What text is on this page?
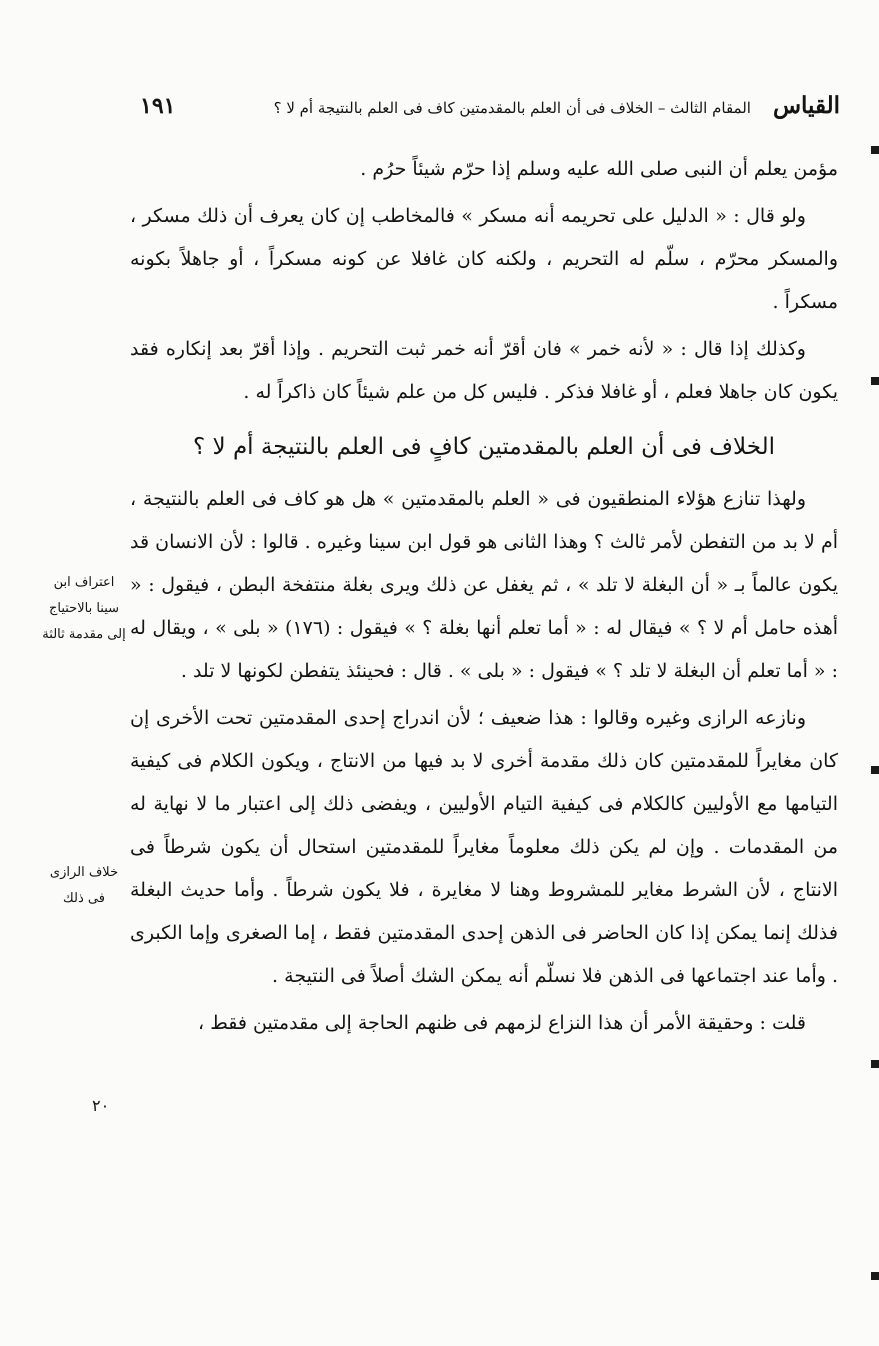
القياس
المقام الثالث – الخلاف فى أن العلم بالمقدمتين كاف فى العلم بالنتيجة أم لا ؟
١٩١

مؤمن يعلم أن النبى صلى الله عليه وسلم إذا حرّم شيئاً حرُم .

ولو قال : « الدليل على تحريمه أنه مسكر » فالمخاطب إن كان يعرف أن ذلك مسكر ، والمسكر محرّم ، سلّم له التحريم ، ولكنه كان غافلا عن كونه مسكراً ، أو جاهلاً بكونه مسكراً .

وكذلك إذا قال : « لأنه خمر » فان أقرّ أنه خمر ثبت التحريم . وإذا أقرّ بعد إنكاره فقد يكون كان جاهلا فعلم ، أو غافلا فذكر . فليس كل من علم شيئاً كان ذاكراً له .

الخلاف فى أن العلم بالمقدمتين كافٍ فى العلم بالنتيجة أم لا ؟

ولهذا تنازع هؤلاء المنطقيون فى « العلم بالمقدمتين » هل هو كاف فى العلم بالنتيجة ، أم لا بد من التفطن لأمر ثالث ؟ وهذا الثانى هو قول ابن سينا وغيره . قالوا : لأن الانسان قد يكون عالماً بـ « أن البغلة لا تلد » ، ثم يغفل عن ذلك ويرى بغلة منتفخة البطن ، فيقول : « أهذه حامل أم لا ؟ » فيقال له : « أما تعلم أنها بغلة ؟ » فيقول : (١٧٦) « بلى » ، ويقال له : « أما تعلم أن البغلة لا تلد ؟ » فيقول : « بلى » . قال : فحينئذ يتفطن لكونها لا تلد .

ونازعه الرازى وغيره وقالوا : هذا ضعيف ؛ لأن اندراج إحدى المقدمتين تحت الأخرى إن كان مغايراً للمقدمتين كان ذلك مقدمة أخرى لا بد فيها من الانتاج ، ويكون الكلام فى كيفية التيامها مع الأوليين كالكلام فى كيفية التيام الأوليين ، ويفضى ذلك إلى اعتبار ما لا نهاية له من المقدمات . وإن لم يكن ذلك معلوماً مغايراً للمقدمتين استحال أن يكون شرطاً فى الانتاج ، لأن الشرط مغاير للمشروط وهنا لا مغايرة ، فلا يكون شرطاً . وأما حديث البغلة فذلك إنما يمكن إذا كان الحاضر فى الذهن إحدى المقدمتين فقط ، إما الصغرى وإما الكبرى . وأما عند اجتماعها فى الذهن فلا نسلّم أنه يمكن الشك أصلاً فى النتيجة .

قلت : وحقيقة الأمر أن هذا النزاع لزمهم فى ظنهم الحاجة إلى مقدمتين فقط ،

اعتراف ابن سينا بالاحتياج إلى مقدمة ثالثة
خلاف الرازى فى ذلك
٢٠
